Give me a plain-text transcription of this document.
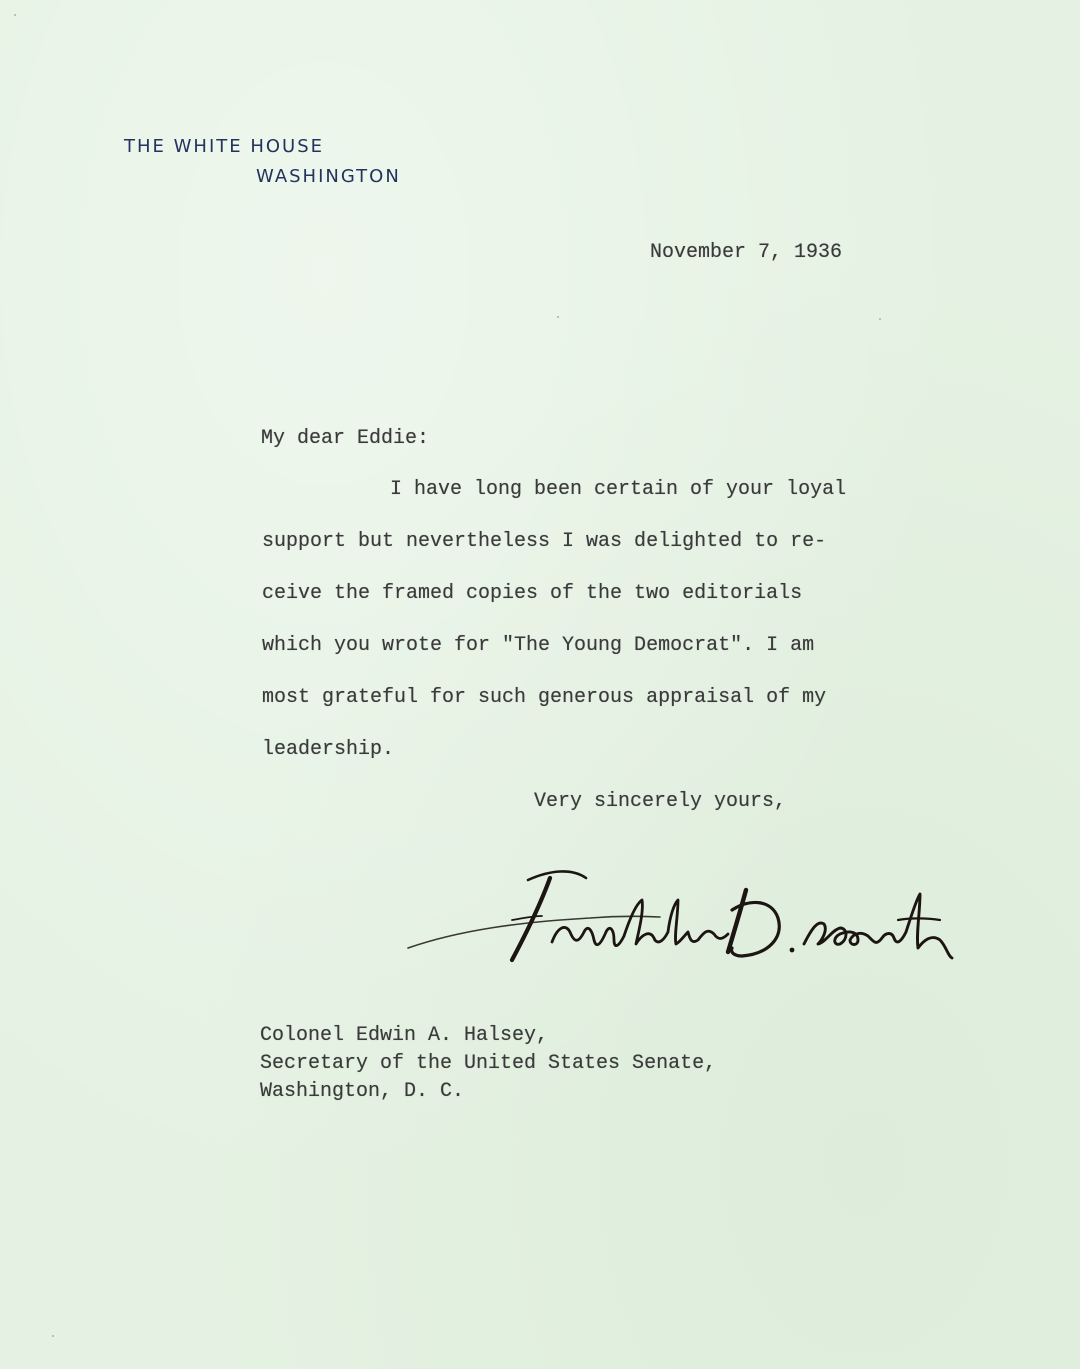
THE WHITE HOUSE
WASHINGTON
November 7, 1936
My dear Eddie:
I have long been certain of your loyal
support but nevertheless I was delighted to re-
ceive the framed copies of the two editorials
which you wrote for "The Young Democrat". I am
most grateful for such generous appraisal of my
leadership.
Very sincerely yours,
Colonel Edwin A. Halsey,
Secretary of the United States Senate,
Washington, D. C.
